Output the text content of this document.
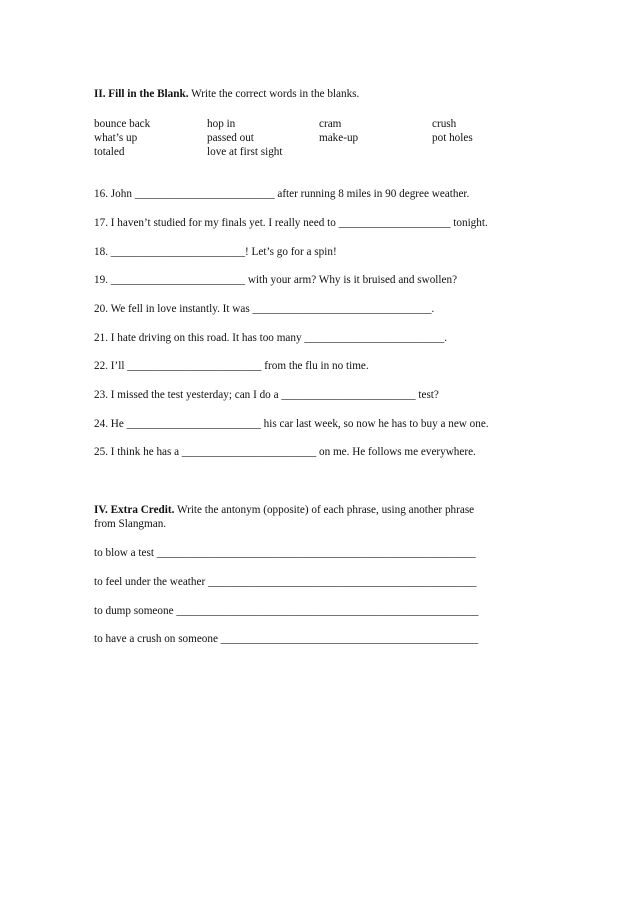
II. Fill in the Blank. Write the correct words in the blanks.
bounce back	hop in	cram	crush
what’s up	passed out	make-up	pot holes
totaled	love at first sight
16. John _________________________ after running 8 miles in 90 degree weather.
17. I haven’t studied for my finals yet. I really need to ____________________ tonight.
18. ________________________! Let’s go for a spin!
19. ________________________ with your arm? Why is it bruised and swollen?
20. We fell in love instantly. It was ________________________________.
21. I hate driving on this road. It has too many _________________________.
22. I’ll ________________________ from the flu in no time.
23. I missed the test yesterday; can I do a ________________________ test?
24. He ________________________ his car last week, so now he has to buy a new one.
25. I think he has a ________________________ on me. He follows me everywhere.
IV. Extra Credit. Write the antonym (opposite) of each phrase, using another phrase
from Slangman.
to blow a test _________________________________________________________
to feel under the weather ________________________________________________
to dump someone ______________________________________________________
to have a crush on someone ______________________________________________
